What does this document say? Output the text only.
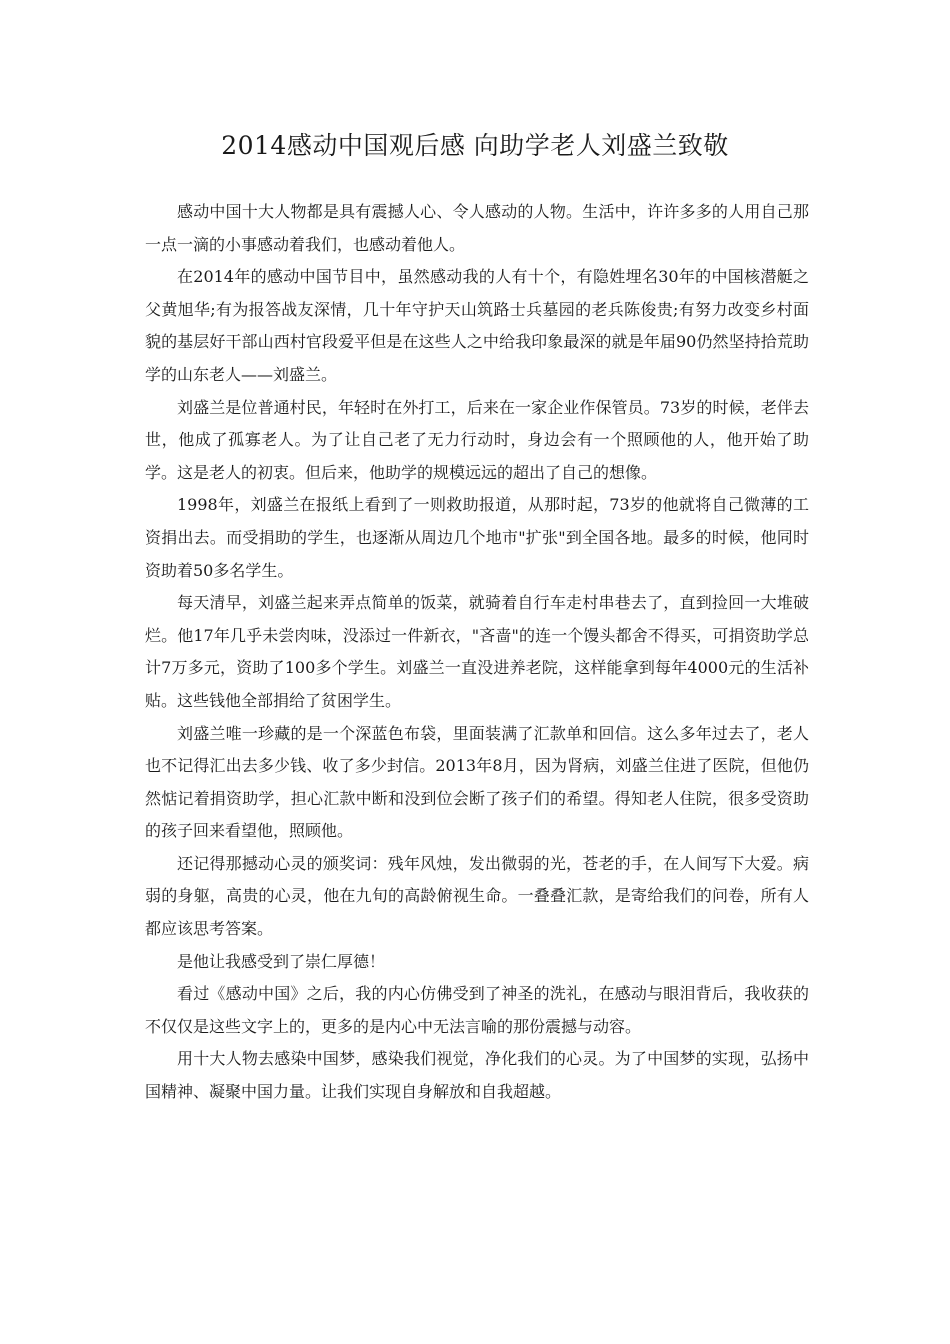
2014感动中国观后感 向助学老人刘盛兰致敬

感动中国十大人物都是具有震撼人心、令人感动的人物。生活中，许许多多的人用自己那一点一滴的小事感动着我们，也感动着他人。

在2014年的感动中国节目中，虽然感动我的人有十个，有隐姓埋名30年的中国核潜艇之父黄旭华;有为报答战友深情，几十年守护天山筑路士兵墓园的老兵陈俊贵;有努力改变乡村面貌的基层好干部山西村官段爱平但是在这些人之中给我印象最深的就是年届90仍然坚持拾荒助学的山东老人——刘盛兰。

刘盛兰是位普通村民，年轻时在外打工，后来在一家企业作保管员。73岁的时候，老伴去世，他成了孤寡老人。为了让自己老了无力行动时，身边会有一个照顾他的人，他开始了助学。这是老人的初衷。但后来，他助学的规模远远的超出了自己的想像。

1998年，刘盛兰在报纸上看到了一则救助报道，从那时起，73岁的他就将自己微薄的工资捐出去。而受捐助的学生，也逐渐从周边几个地市"扩张"到全国各地。最多的时候，他同时资助着50多名学生。

每天清早，刘盛兰起来弄点简单的饭菜，就骑着自行车走村串巷去了，直到捡回一大堆破烂。他17年几乎未尝肉味，没添过一件新衣，"吝啬"的连一个馒头都舍不得买，可捐资助学总计7万多元，资助了100多个学生。刘盛兰一直没进养老院，这样能拿到每年4000元的生活补贴。这些钱他全部捐给了贫困学生。

刘盛兰唯一珍藏的是一个深蓝色布袋，里面装满了汇款单和回信。这么多年过去了，老人也不记得汇出去多少钱、收了多少封信。2013年8月，因为肾病，刘盛兰住进了医院，但他仍然惦记着捐资助学，担心汇款中断和没到位会断了孩子们的希望。得知老人住院，很多受资助的孩子回来看望他，照顾他。

还记得那撼动心灵的颁奖词：残年风烛，发出微弱的光，苍老的手，在人间写下大爱。病弱的身躯，高贵的心灵，他在九旬的高龄俯视生命。一叠叠汇款，是寄给我们的问卷，所有人都应该思考答案。

是他让我感受到了崇仁厚德！

看过《感动中国》之后，我的内心仿佛受到了神圣的洗礼，在感动与眼泪背后，我收获的不仅仅是这些文字上的，更多的是内心中无法言喻的那份震撼与动容。

用十大人物去感染中国梦，感染我们视觉，净化我们的心灵。为了中国梦的实现，弘扬中国精神、凝聚中国力量。让我们实现自身解放和自我超越。
